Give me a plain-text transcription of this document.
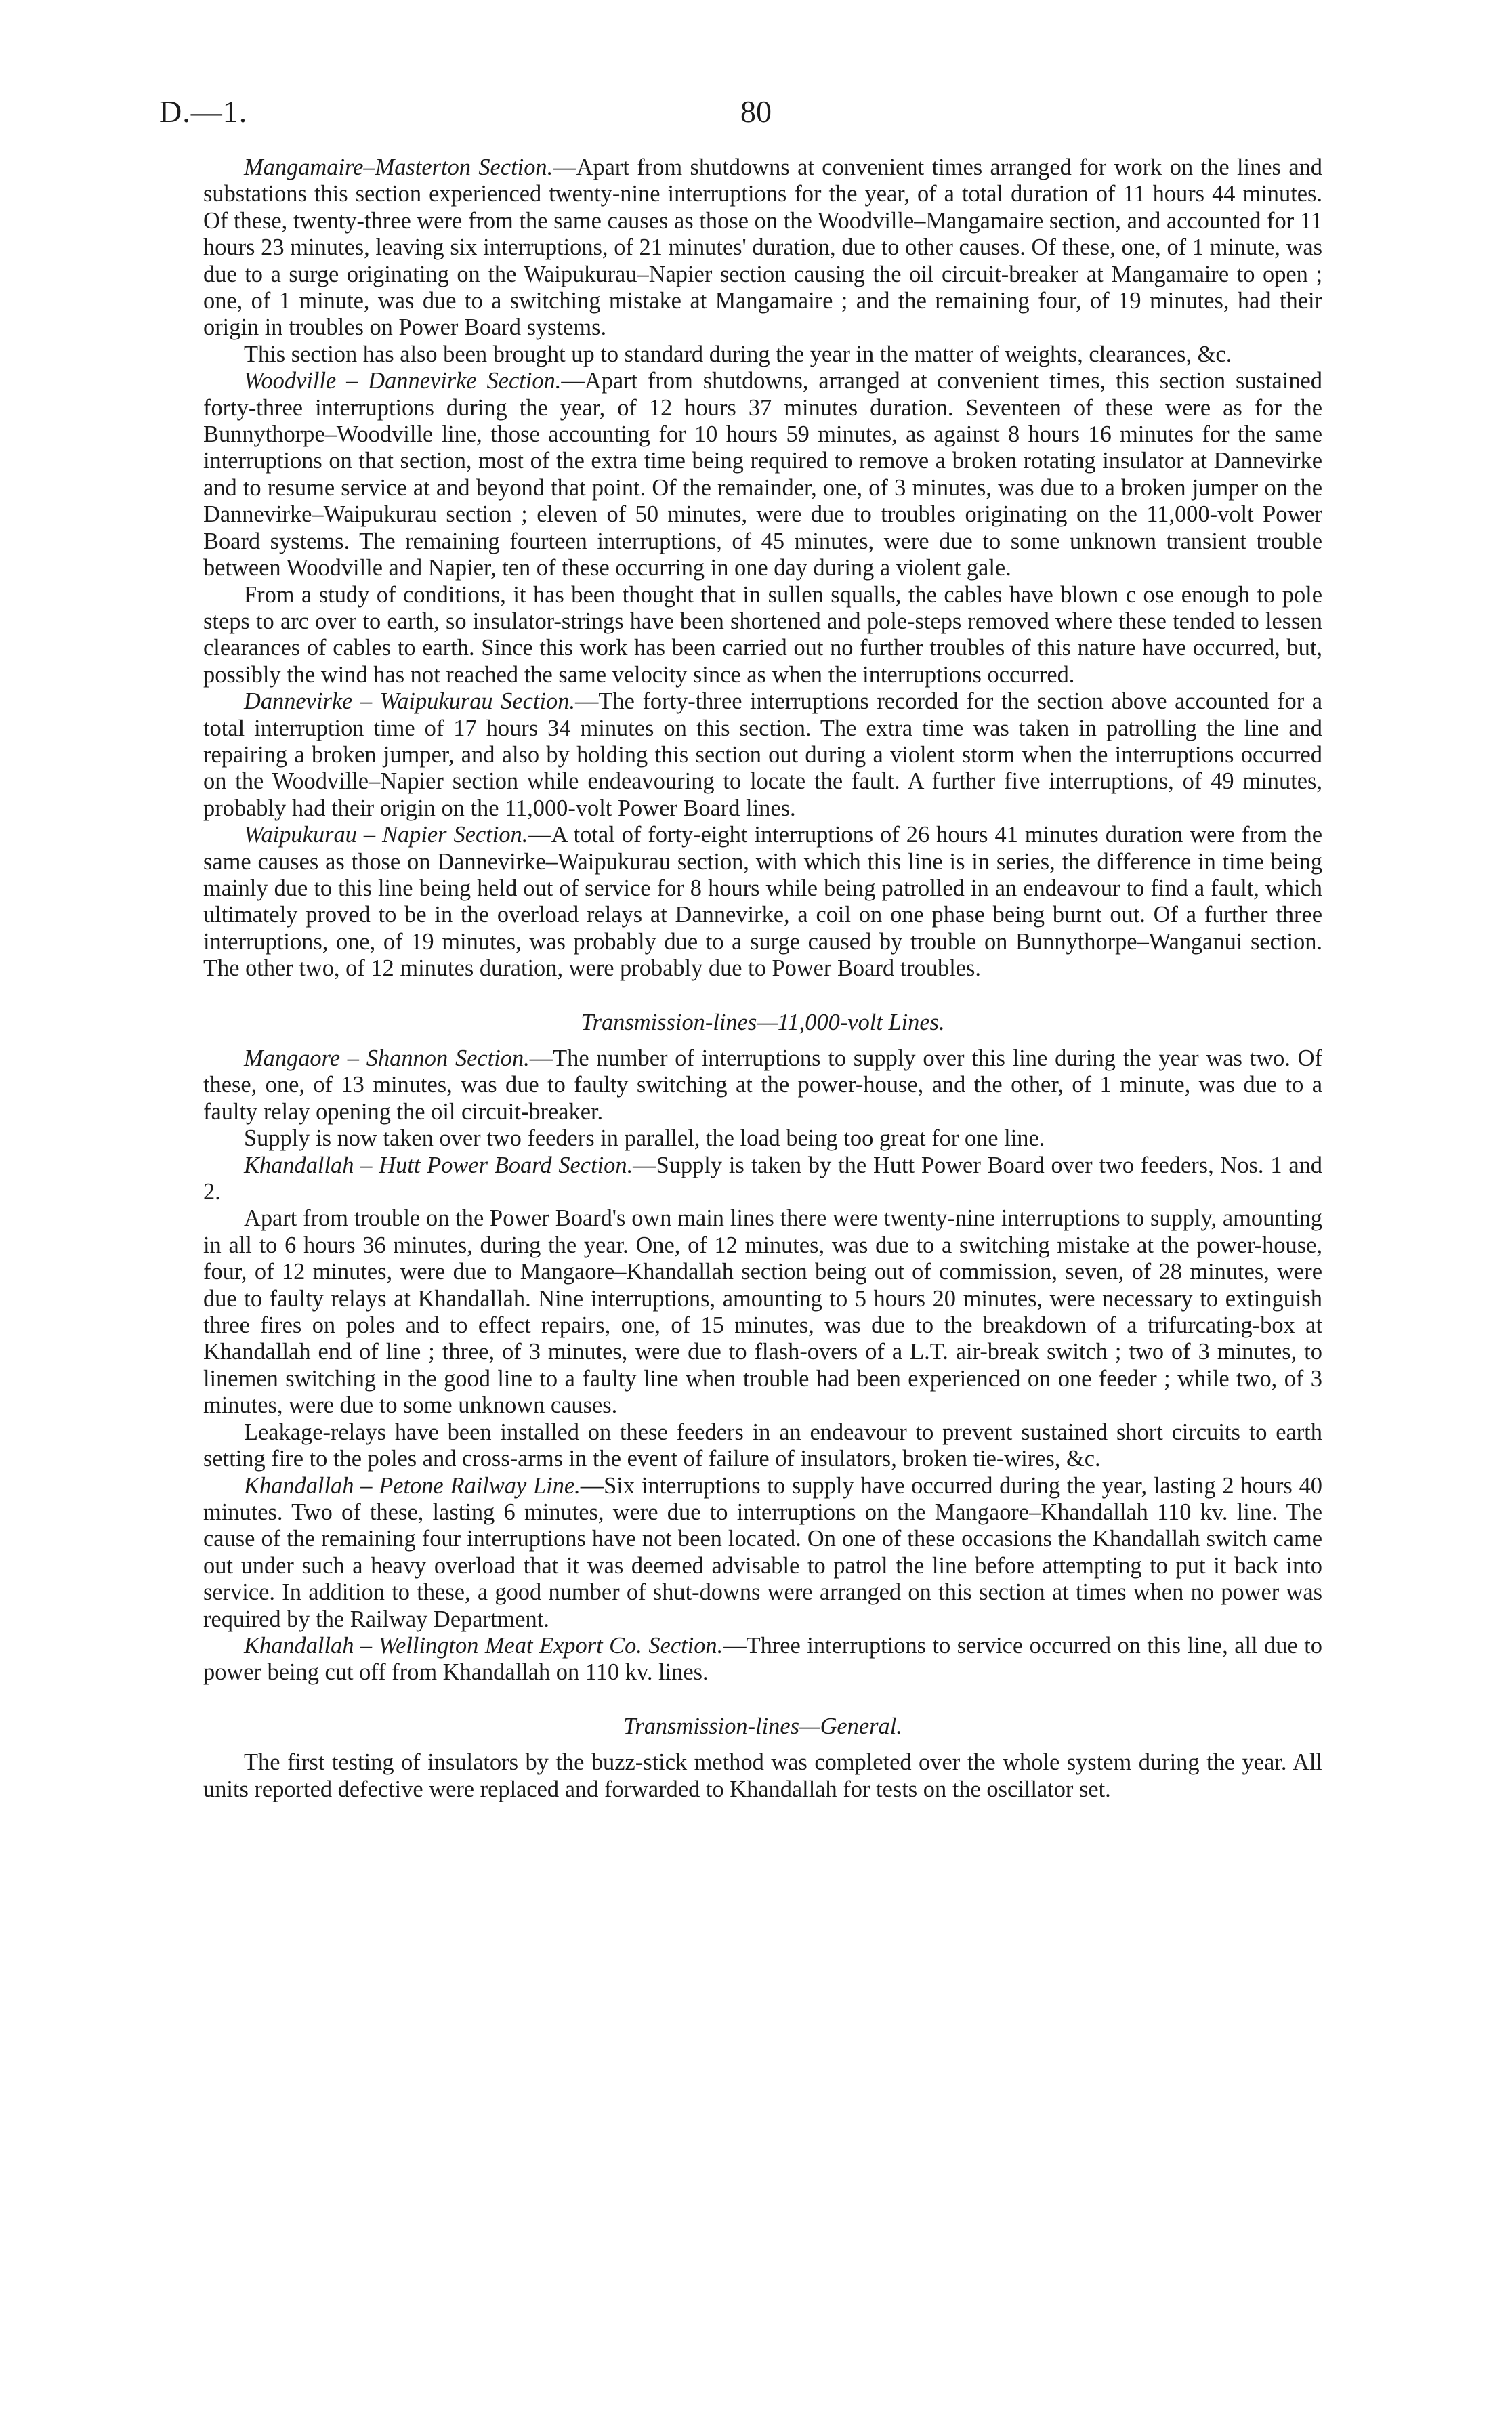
D.—1.	80

Mangamaire–Masterton Section.—Apart from shutdowns at convenient times arranged for work on the lines and substations this section experienced twenty-nine interruptions for the year, of a total duration of 11 hours 44 minutes. Of these, twenty-three were from the same causes as those on the Woodville–Mangamaire section, and accounted for 11 hours 23 minutes, leaving six interruptions, of 21 minutes' duration, due to other causes. Of these, one, of 1 minute, was due to a surge originating on the Waipukurau–Napier section causing the oil circuit-breaker at Mangamaire to open ; one, of 1 minute, was due to a switching mistake at Mangamaire ; and the remaining four, of 19 minutes, had their origin in troubles on Power Board systems.

This section has also been brought up to standard during the year in the matter of weights, clearances, &c.

Woodville – Dannevirke Section.—Apart from shutdowns, arranged at convenient times, this section sustained forty-three interruptions during the year, of 12 hours 37 minutes duration. Seventeen of these were as for the Bunnythorpe–Woodville line, those accounting for 10 hours 59 minutes, as against 8 hours 16 minutes for the same interruptions on that section, most of the extra time being required to remove a broken rotating insulator at Dannevirke and to resume service at and beyond that point. Of the remainder, one, of 3 minutes, was due to a broken jumper on the Dannevirke–Waipukurau section ; eleven of 50 minutes, were due to troubles originating on the 11,000-volt Power Board systems. The remaining fourteen interruptions, of 45 minutes, were due to some unknown transient trouble between Woodville and Napier, ten of these occurring in one day during a violent gale.

From a study of conditions, it has been thought that in sullen squalls, the cables have blown c ose enough to pole steps to arc over to earth, so insulator-strings have been shortened and pole-steps removed where these tended to lessen clearances of cables to earth. Since this work has been carried out no further troubles of this nature have occurred, but, possibly the wind has not reached the same velocity since as when the interruptions occurred.

Dannevirke – Waipukurau Section.—The forty-three interruptions recorded for the section above accounted for a total interruption time of 17 hours 34 minutes on this section. The extra time was taken in patrolling the line and repairing a broken jumper, and also by holding this section out during a violent storm when the interruptions occurred on the Woodville–Napier section while endeavouring to locate the fault. A further five interruptions, of 49 minutes, probably had their origin on the 11,000-volt Power Board lines.

Waipukurau – Napier Section.—A total of forty-eight interruptions of 26 hours 41 minutes duration were from the same causes as those on Dannevirke–Waipukurau section, with which this line is in series, the difference in time being mainly due to this line being held out of service for 8 hours while being patrolled in an endeavour to find a fault, which ultimately proved to be in the overload relays at Dannevirke, a coil on one phase being burnt out. Of a further three interruptions, one, of 19 minutes, was probably due to a surge caused by trouble on Bunnythorpe–Wanganui section. The other two, of 12 minutes duration, were probably due to Power Board troubles.

Transmission-lines—11,000-volt Lines.

Mangaore – Shannon Section.—The number of interruptions to supply over this line during the year was two. Of these, one, of 13 minutes, was due to faulty switching at the power-house, and the other, of 1 minute, was due to a faulty relay opening the oil circuit-breaker.

Supply is now taken over two feeders in parallel, the load being too great for one line.

Khandallah – Hutt Power Board Section.—Supply is taken by the Hutt Power Board over two feeders, Nos. 1 and 2.

Apart from trouble on the Power Board's own main lines there were twenty-nine interruptions to supply, amounting in all to 6 hours 36 minutes, during the year. One, of 12 minutes, was due to a switching mistake at the power-house, four, of 12 minutes, were due to Mangaore–Khandallah section being out of commission, seven, of 28 minutes, were due to faulty relays at Khandallah. Nine interruptions, amounting to 5 hours 20 minutes, were necessary to extinguish three fires on poles and to effect repairs, one, of 15 minutes, was due to the breakdown of a trifurcating-box at Khandallah end of line ; three, of 3 minutes, were due to flash-overs of a L.T. air-break switch ; two of 3 minutes, to linemen switching in the good line to a faulty line when trouble had been experienced on one feeder ; while two, of 3 minutes, were due to some unknown causes.

Leakage-relays have been installed on these feeders in an endeavour to prevent sustained short circuits to earth setting fire to the poles and cross-arms in the event of failure of insulators, broken tie-wires, &c.

Khandallah – Petone Railway Line.—Six interruptions to supply have occurred during the year, lasting 2 hours 40 minutes. Two of these, lasting 6 minutes, were due to interruptions on the Mangaore–Khandallah 110 kv. line. The cause of the remaining four interruptions have not been located. On one of these occasions the Khandallah switch came out under such a heavy overload that it was deemed advisable to patrol the line before attempting to put it back into service. In addition to these, a good number of shut-downs were arranged on this section at times when no power was required by the Railway Department.

Khandallah – Wellington Meat Export Co. Section.—Three interruptions to service occurred on this line, all due to power being cut off from Khandallah on 110 kv. lines.

Transmission-lines—General.

The first testing of insulators by the buzz-stick method was completed over the whole system during the year. All units reported defective were replaced and forwarded to Khandallah for tests on the oscillator set.
